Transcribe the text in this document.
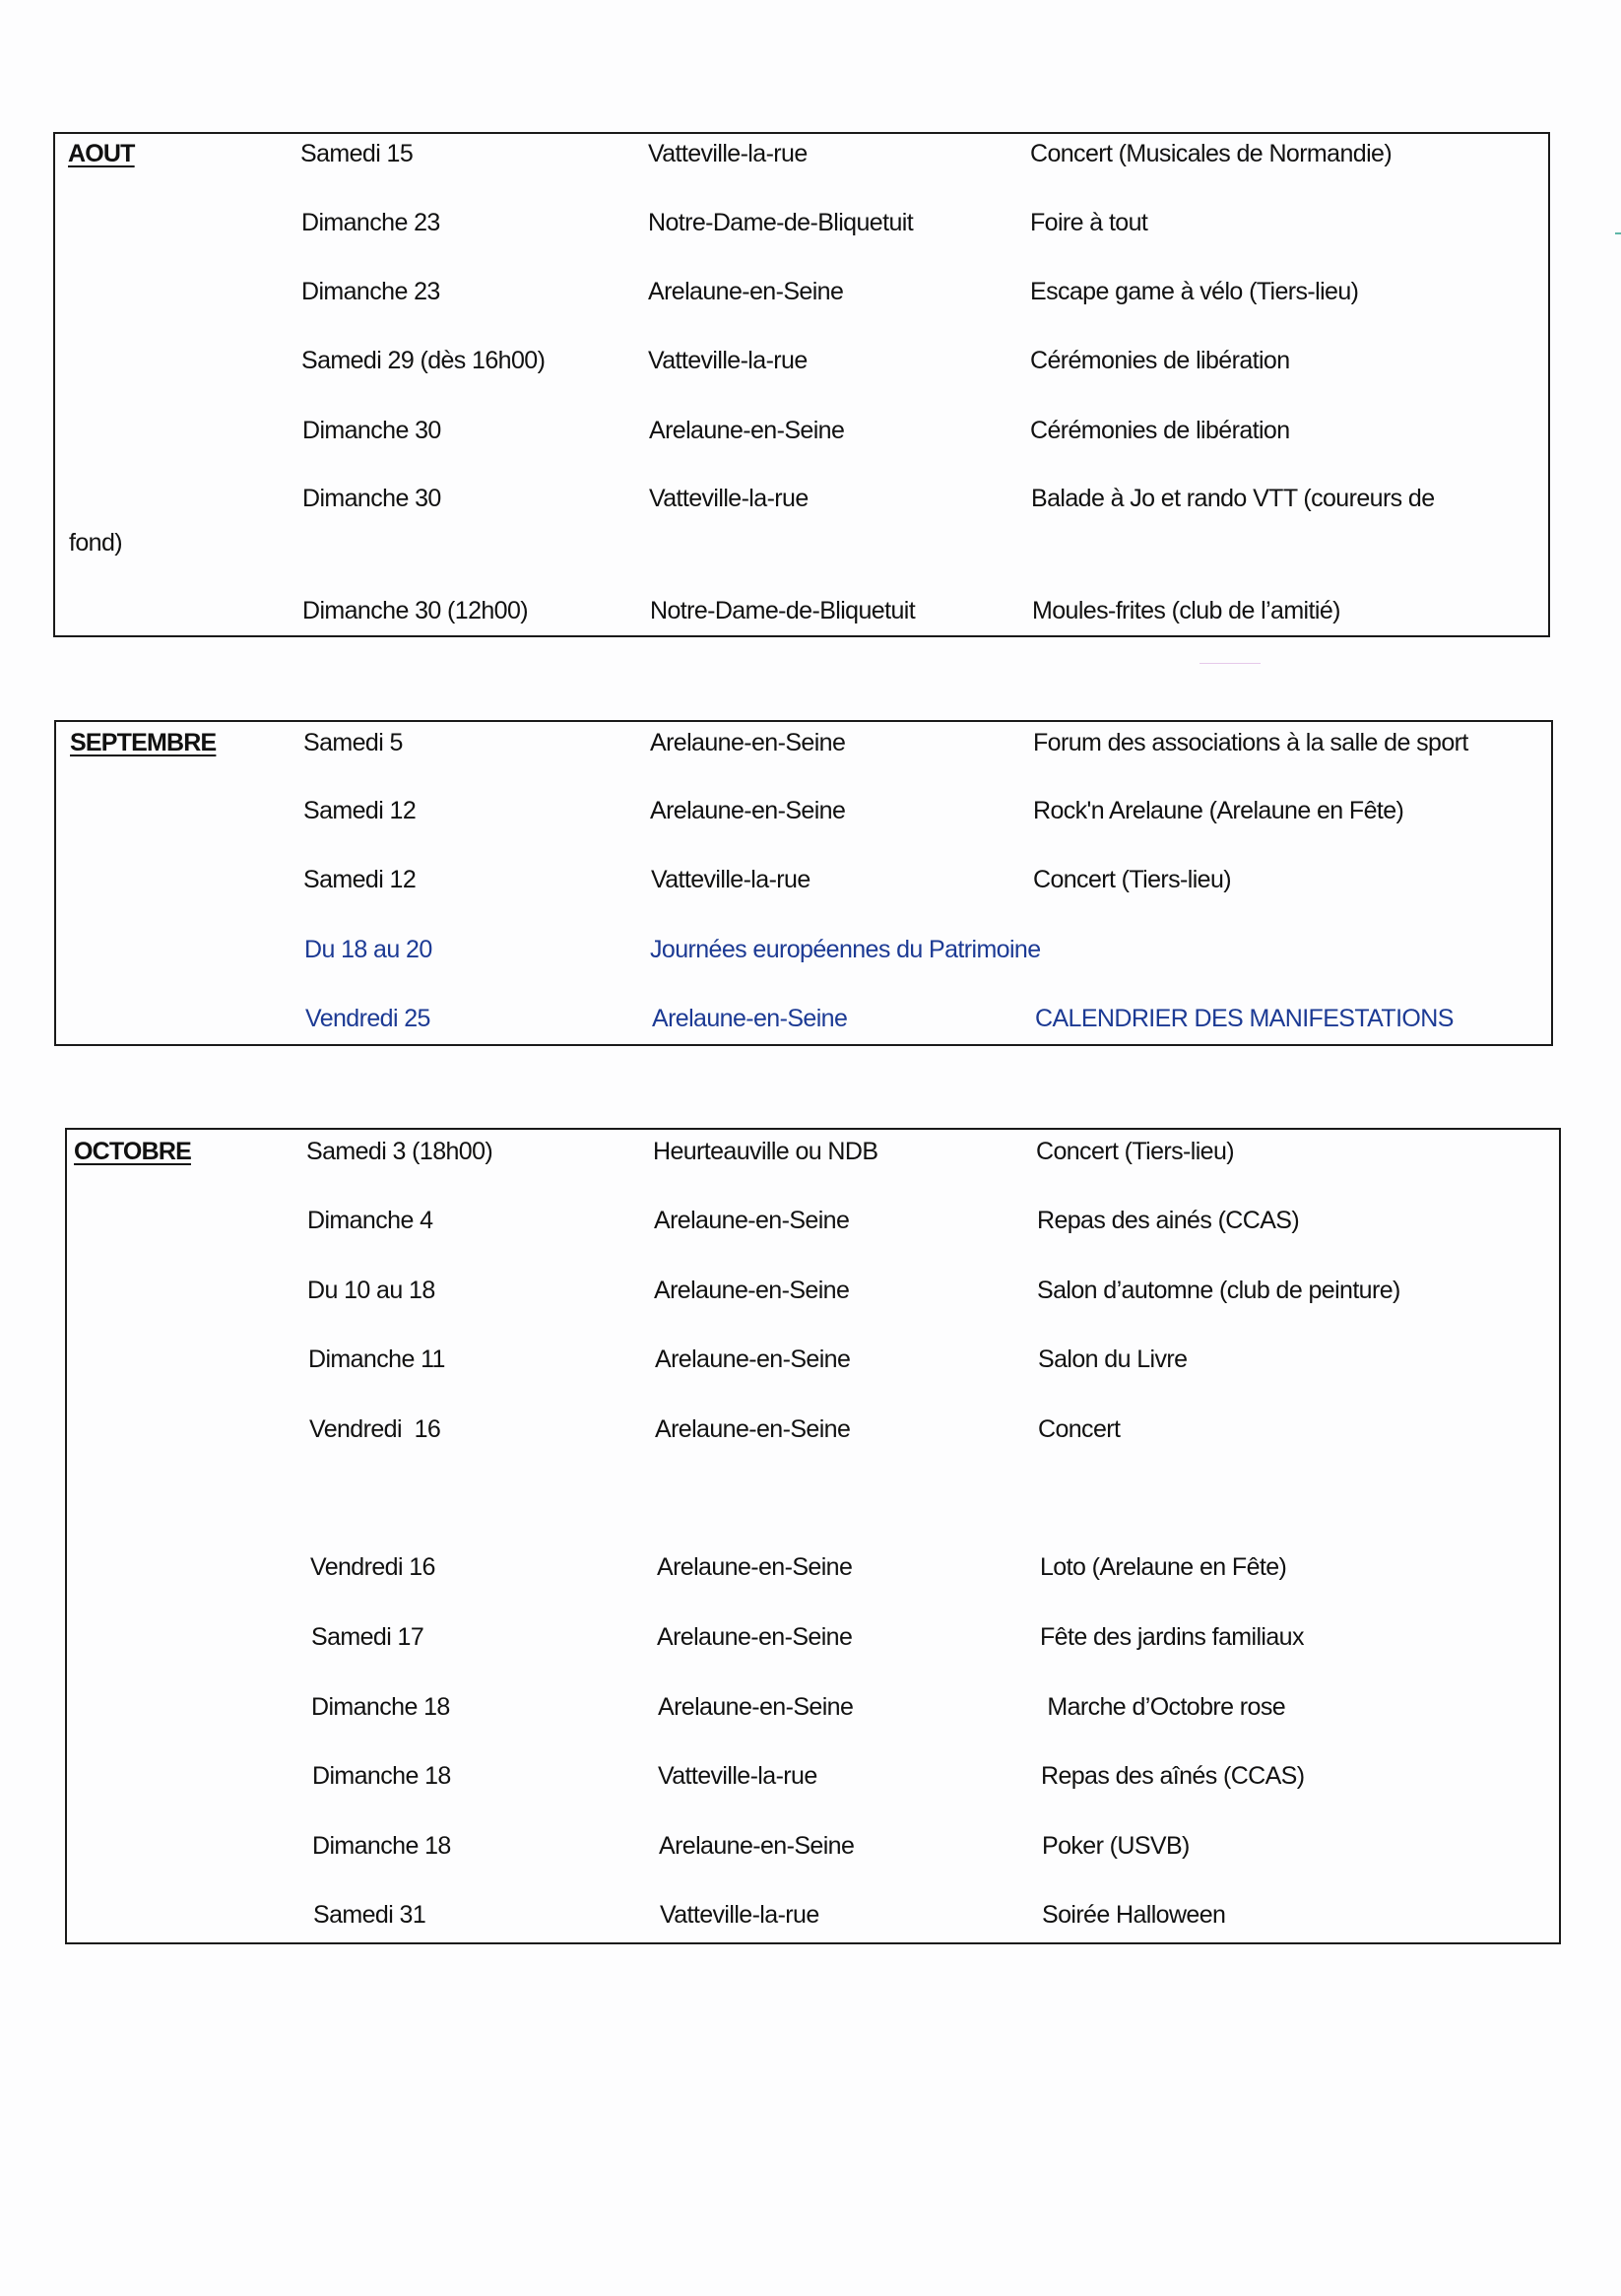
AOUT	Samedi 15	Vatteville-la-rue	Concert (Musicales de Normandie)
Dimanche 23	Notre-Dame-de-Bliquetuit	Foire à tout
Dimanche 23	Arelaune-en-Seine	Escape game à vélo (Tiers-lieu)
Samedi 29 (dès 16h00)	Vatteville-la-rue	Cérémonies de libération
Dimanche 30	Arelaune-en-Seine	Cérémonies de libération
Dimanche 30	Vatteville-la-rue	Balade à Jo et rando VTT (coureurs de
fond)
Dimanche 30 (12h00)	Notre-Dame-de-Bliquetuit	Moules-frites (club de l’amitié)
SEPTEMBRE	Samedi 5	Arelaune-en-Seine	Forum des associations à la salle de sport
Samedi 12	Arelaune-en-Seine	Rock'n Arelaune (Arelaune en Fête)
Samedi 12	Vatteville-la-rue	Concert (Tiers-lieu)
Du 18 au 20	Journées européennes du Patrimoine
Vendredi 25	Arelaune-en-Seine	CALENDRIER DES MANIFESTATIONS
OCTOBRE	Samedi 3 (18h00)	Heurteauville ou NDB	Concert (Tiers-lieu)
Dimanche 4	Arelaune-en-Seine	Repas des ainés (CCAS)
Du 10 au 18	Arelaune-en-Seine	Salon d’automne (club de peinture)
Dimanche 11	Arelaune-en-Seine	Salon du Livre
Vendredi  16	Arelaune-en-Seine	Concert
Vendredi 16	Arelaune-en-Seine	Loto (Arelaune en Fête)
Samedi 17	Arelaune-en-Seine	Fête des jardins familiaux
Dimanche 18	Arelaune-en-Seine	Marche d’Octobre rose
Dimanche 18	Vatteville-la-rue	Repas des aînés (CCAS)
Dimanche 18	Arelaune-en-Seine	Poker (USVB)
Samedi 31	Vatteville-la-rue	Soirée Halloween
